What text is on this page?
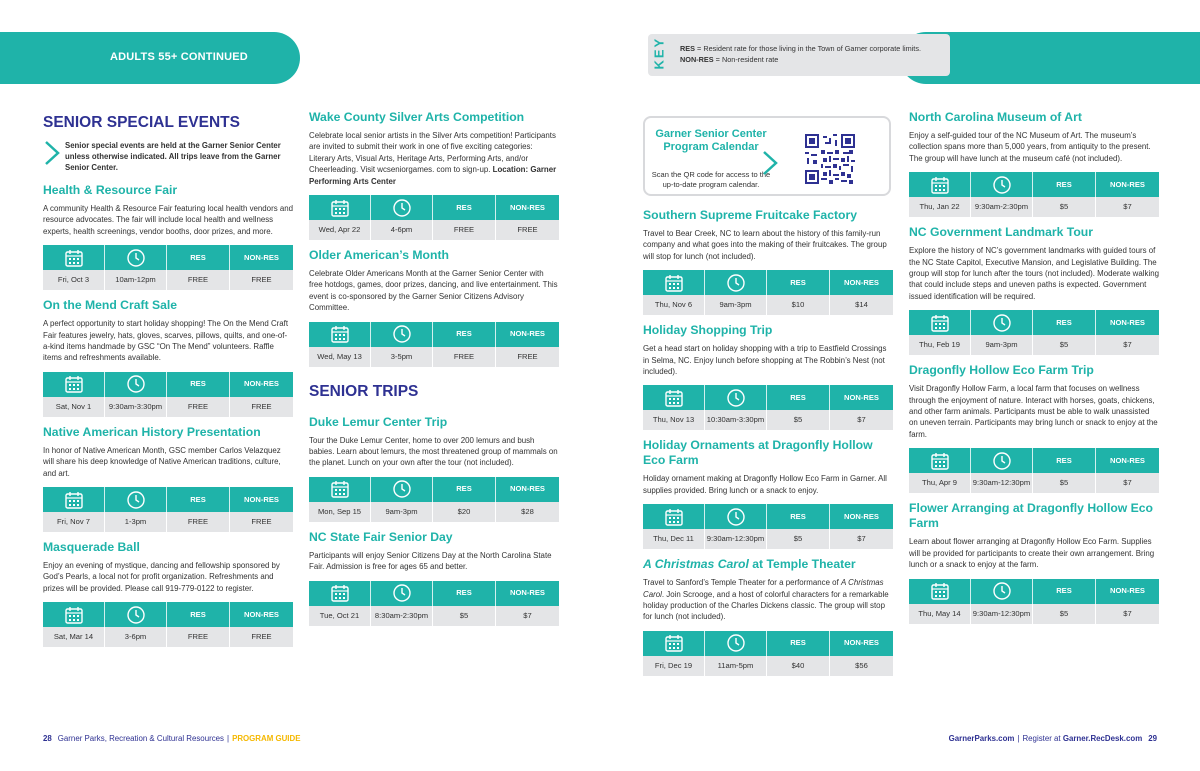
ADULTS 55+ CONTINUED	KEY RES = Resident rate for those living in the Town of Garner corporate limits.
NON-RES = Non-resident rate
SENIOR SPECIAL EVENTS
Senior special events are held at the Garner Senior Center unless otherwise indicated. All trips leave from the Garner Senior Center.
Health & Resource Fair
A community Health & Resource Fair featuring local health vendors and resource advocates. The fair will include local health and wellness experts, health screenings, vendor booths, door prizes, and more.
RES	NON-RES
Fri, Oct 3	10am-12pm	FREE	FREE
On the Mend Craft Sale
A perfect opportunity to start holiday shopping! The On the Mend Craft Fair features jewelry, hats, gloves, scarves, pillows, quilts, and one-of-a-kind items handmade by GSC “On The Mend” volunteers. Raffle items and refreshments available.
RES	NON-RES
Sat, Nov 1	9:30am-3:30pm	FREE	FREE
Native American History Presentation
In honor of Native American Month, GSC member Carlos Velazquez will share his deep knowledge of Native American traditions, culture, and art.
RES	NON-RES
Fri, Nov 7	1-3pm	FREE	FREE
Masquerade Ball
Enjoy an evening of mystique, dancing and fellowship sponsored by God’s Pearls, a local not for profit organization. Refreshments and prizes will be provided. Please call 919-779-0122 to register.
RES	NON-RES
Sat, Mar 14	3-6pm	FREE	FREE
Wake County Silver Arts Competition
Celebrate local senior artists in the Silver Arts competition! Participants are invited to submit their work in one of five exciting categories: Literary Arts, Visual Arts, Heritage Arts, Performing Arts, and/or Cheerleading. Visit wcseniorgames. com to sign-up. Location: Garner Performing Arts Center
RES	NON-RES
Wed, Apr 22	4-6pm	FREE	FREE
Older American’s Month
Celebrate Older Americans Month at the Garner Senior Center with free hotdogs, games, door prizes, dancing, and live entertainment. This event is co-sponsored by the Garner Senior Citizens Advisory Committee.
RES	NON-RES
Wed, May 13	3-5pm	FREE	FREE
SENIOR TRIPS
Duke Lemur Center Trip
Tour the Duke Lemur Center, home to over 200 lemurs and bush babies. Learn about lemurs, the most threatened group of mammals on the planet. Lunch on your own after the tour (not included).
RES	NON-RES
Mon, Sep 15	9am-3pm	$20	$28
NC State Fair Senior Day
Participants will enjoy Senior Citizens Day at the North Carolina State Fair. Admission is free for ages 65 and better.
RES	NON-RES
Tue, Oct 21	8:30am-2:30pm	$5	$7
Garner Senior Center Program Calendar
Scan the QR code for access to the up-to-date program calendar.
Southern Supreme Fruitcake Factory
Travel to Bear Creek, NC to learn about the history of this family-run company and what goes into the making of their fruitcakes. The group will stop for lunch (not included).
RES	NON-RES
Thu, Nov 6	9am-3pm	$10	$14
Holiday Shopping Trip
Get a head start on holiday shopping with a trip to Eastfield Crossings in Selma, NC. Enjoy lunch before shopping at The Robbin’s Nest (not included).
RES	NON-RES
Thu, Nov 13	10:30am-3:30pm	$5	$7
Holiday Ornaments at Dragonfly Hollow Eco Farm
Holiday ornament making at Dragonfly Hollow Eco Farm in Garner. All supplies provided. Bring lunch or a snack to enjoy.
RES	NON-RES
Thu, Dec 11	9:30am-12:30pm	$5	$7
A Christmas Carol at Temple Theater
Travel to Sanford’s Temple Theater for a performance of A Christmas Carol. Join Scrooge, and a host of colorful characters for a remarkable holiday production of the Charles Dickens classic. The group will stop for lunch (not included).
RES	NON-RES
Fri, Dec 19	11am-5pm	$40	$56
North Carolina Museum of Art
Enjoy a self-guided tour of the NC Museum of Art. The museum’s collection spans more than 5,000 years, from antiquity to the present. The group will have lunch at the museum café (not included).
RES	NON-RES
Thu, Jan 22	9:30am-2:30pm	$5	$7
NC Government Landmark Tour
Explore the history of NC’s government landmarks with guided tours of the NC State Capitol, Executive Mansion, and Legislative Building. The group will stop for lunch after the tours (not included). Moderate walking that could include steps and uneven paths is expected. Government issued identification will be required.
RES	NON-RES
Thu, Feb 19	9am-3pm	$5	$7
Dragonfly Hollow Eco Farm Trip
Visit Dragonfly Hollow Farm, a local farm that focuses on wellness through the enjoyment of nature. Interact with horses, goats, chickens, and other farm animals. Participants must be able to walk unassisted on uneven terrain. Participants may bring lunch or snack to enjoy at the farm.
RES	NON-RES
Thu, Apr 9	9:30am-12:30pm	$5	$7
Flower Arranging at Dragonfly Hollow Eco Farm
Learn about flower arranging at Dragonfly Hollow Eco Farm. Supplies will be provided for participants to create their own arrangement. Bring lunch or a snack to enjoy at the farm.
RES	NON-RES
Thu, May 14	9:30am-12:30pm	$5	$7
28 Garner Parks, Recreation & Cultural Resources | PROGRAM GUIDE	GarnerParks.com | Register at Garner.RecDesk.com 29
